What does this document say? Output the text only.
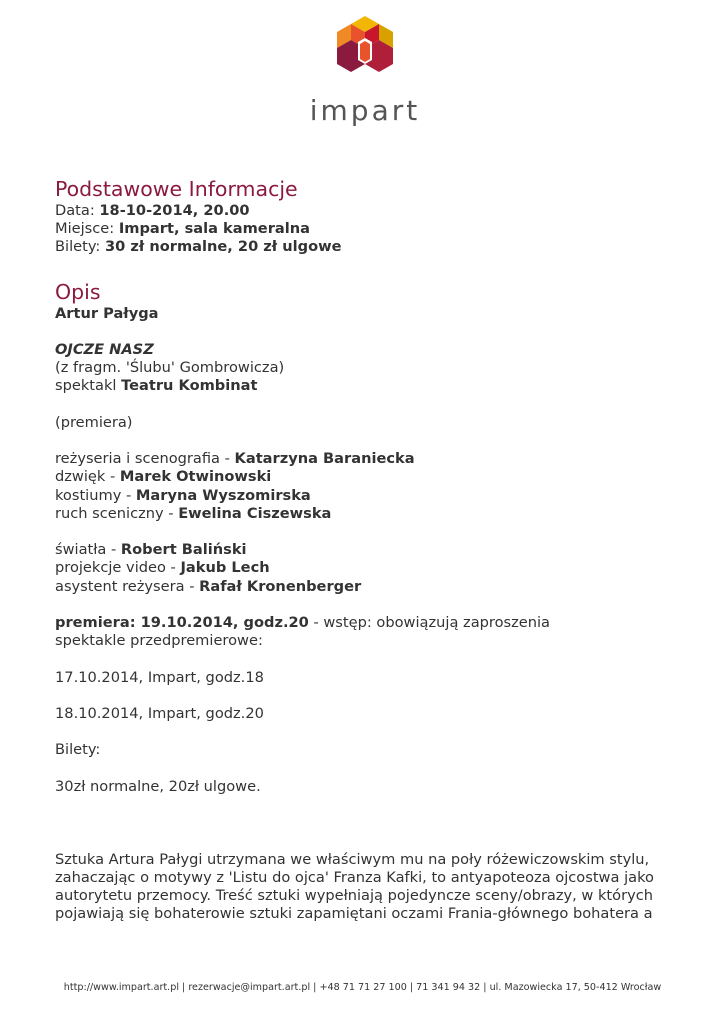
impart
Podstawowe Informacje

Data: 18-10-2014, 20.00

Miejsce: Impart, sala kameralna

Bilety: 30 zł normalne, 20 zł ulgowe

Opis

Artur Pałyga

OJCZE NASZ

(z fragm. 'Ślubu' Gombrowicza)

spektakl Teatru Kombinat

(premiera)

reżyseria i scenografia - Katarzyna Baraniecka

dzwięk - Marek Otwinowski

kostiumy - Maryna Wyszomirska

ruch sceniczny - Ewelina Ciszewska

światła - Robert Baliński

projekcje video - Jakub Lech

asystent reżysera - Rafał Kronenberger

premiera: 19.10.2014, godz.20 - wstęp: obowiązują zaproszenia

spektakle przedpremierowe:

17.10.2014, Impart, godz.18

18.10.2014, Impart, godz.20

Bilety:

30zł normalne, 20zł ulgowe.

Sztuka Artura Pałygi utrzymana we właściwym mu na poły różewiczowskim stylu, zahaczając o motywy z 'Listu do ojca' Franza Kafki, to antyapoteoza ojcostwa jako autorytetu przemocy. Treść sztuki wypełniają pojedyncze sceny/obrazy, w których pojawiają się bohaterowie sztuki zapamiętani oczami Frania-głównego bohatera a

http://www.impart.art.pl | rezerwacje@impart.art.pl | +48 71 71 27 100 | 71 341 94 32 | ul. Mazowiecka 17, 50-412 Wrocław
